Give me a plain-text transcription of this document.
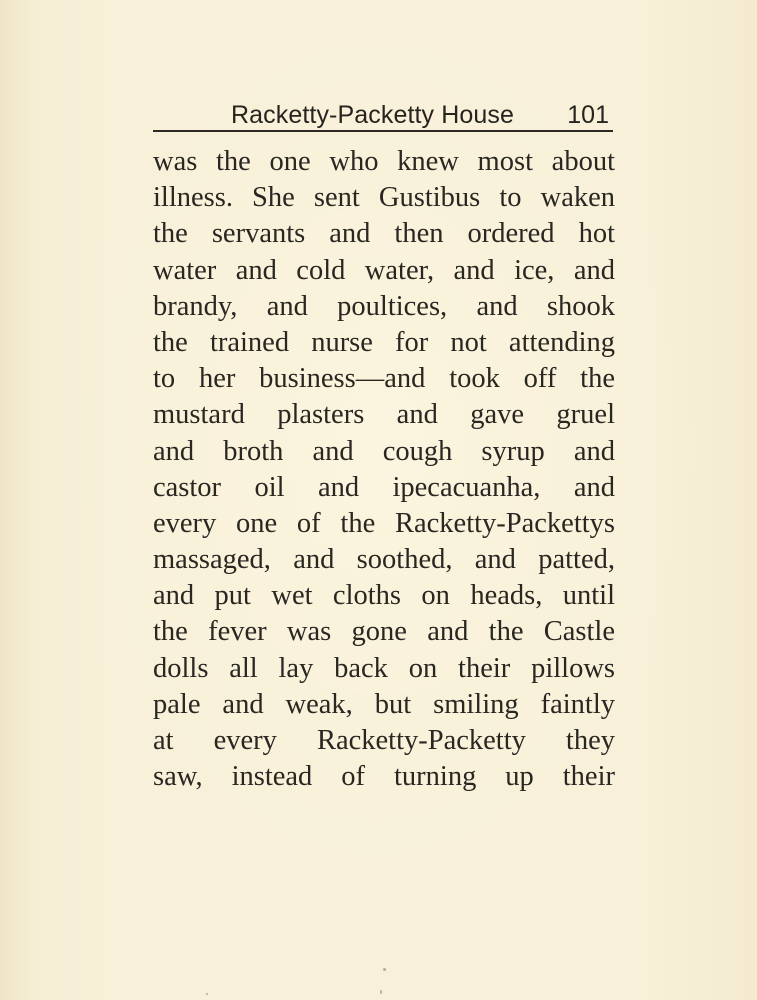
Racketty-Packetty House 101
was the one who knew most about
illness. She sent Gustibus to waken
the servants and then ordered hot
water and cold water, and ice, and
brandy, and poultices, and shook
the trained nurse for not attending
to her business—and took off the
mustard plasters and gave gruel
and broth and cough syrup and
castor oil and ipecacuanha, and
every one of the Racketty-Packettys
massaged, and soothed, and patted,
and put wet cloths on heads, until
the fever was gone and the Castle
dolls all lay back on their pillows
pale and weak, but smiling faintly
at every Racketty-Packetty they
saw, instead of turning up their
